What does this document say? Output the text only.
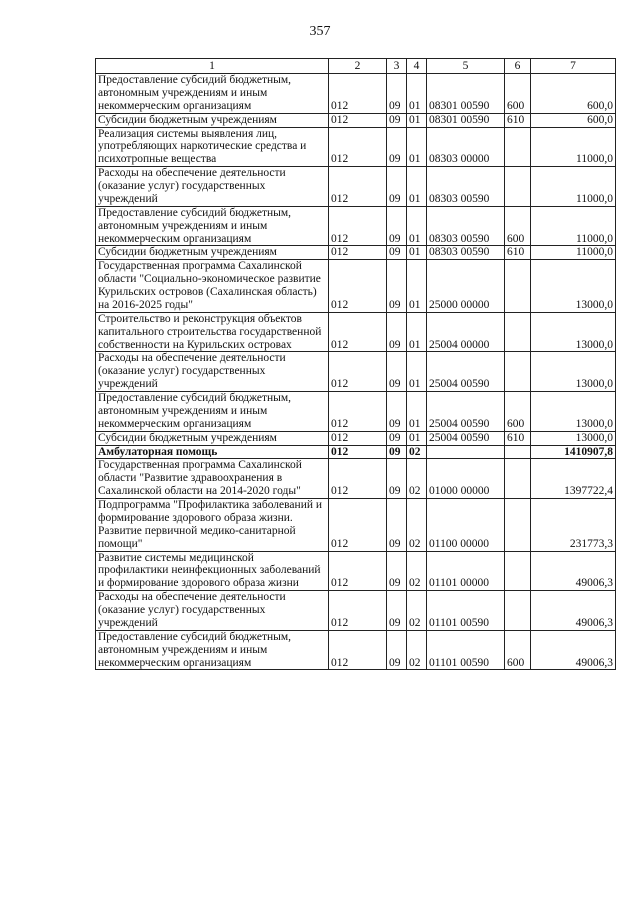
357
1	2	3	4	5	6	7
Предоставление субсидий бюджетным, автономным учреждениям и иным некоммерческим организациям	012	09	01	08301 00590	600	600,0
Субсидии бюджетным учреждениям	012	09	01	08301 00590	610	600,0
Реализация системы выявления лиц, употребляющих наркотические средства и психотропные вещества	012	09	01	08303 00000		11000,0
Расходы на обеспечение деятельности (оказание услуг) государственных учреждений	012	09	01	08303 00590		11000,0
Предоставление субсидий бюджетным, автономным учреждениям и иным некоммерческим организациям	012	09	01	08303 00590	600	11000,0
Субсидии бюджетным учреждениям	012	09	01	08303 00590	610	11000,0
Государственная программа Сахалинской области "Социально-экономическое развитие Курильских островов (Сахалинская область) на 2016-2025 годы"	012	09	01	25000 00000		13000,0
Строительство и реконструкция объектов капитального строительства государственной собственности на Курильских островах	012	09	01	25004 00000		13000,0
Расходы на обеспечение деятельности (оказание услуг) государственных учреждений	012	09	01	25004 00590		13000,0
Предоставление субсидий бюджетным, автономным учреждениям и иным некоммерческим организациям	012	09	01	25004 00590	600	13000,0
Субсидии бюджетным учреждениям	012	09	01	25004 00590	610	13000,0
Амбулаторная помощь	012	09	02			1410907,8
Государственная программа Сахалинской области "Развитие здравоохранения в Сахалинской области на 2014-2020 годы"	012	09	02	01000 00000		1397722,4
Подпрограмма "Профилактика заболеваний и формирование здорового образа жизни. Развитие первичной медико-санитарной помощи"	012	09	02	01100 00000		231773,3
Развитие системы медицинской профилактики неинфекционных заболеваний и формирование здорового образа жизни	012	09	02	01101 00000		49006,3
Расходы на обеспечение деятельности (оказание услуг) государственных учреждений	012	09	02	01101 00590		49006,3
Предоставление субсидий бюджетным, автономным учреждениям и иным некоммерческим организациям	012	09	02	01101 00590	600	49006,3
